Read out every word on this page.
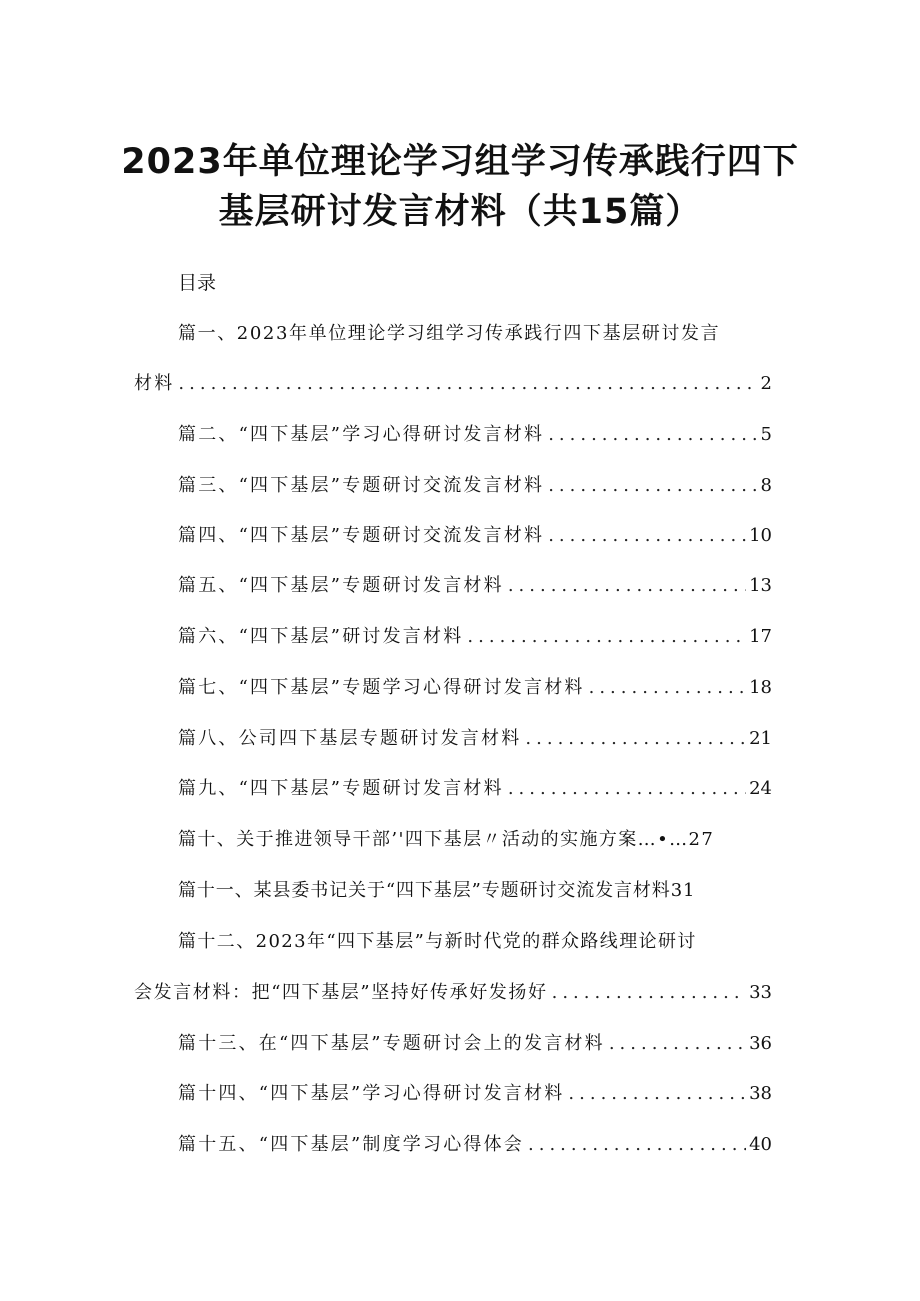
2023年单位理论学习组学习传承践行四下
基层研讨发言材料（共15篇）
目录
篇一、2023年单位理论学习组学习传承践行四下基层研讨发言
材料 .....	2
篇二、“四下基层”学习心得研讨发言材料 .....	5
篇三、“四下基层”专题研讨交流发言材料 .....	8
篇四、“四下基层”专题研讨交流发言材料 .....	10
篇五、“四下基层”专题研讨发言材料 .....	13
篇六、“四下基层”研讨发言材料 .....	17
篇七、“四下基层”专题学习心得研讨发言材料 .....	18
篇八、公司四下基层专题研讨发言材料 .....	21
篇九、“四下基层”专题研讨发言材料 .....	24
篇十、关于推进领导干部’'四下基层〃活动的实施方案…•…27
篇十一、某县委书记关于“四下基层”专题研讨交流发言材料31
篇十二、2023年“四下基层”与新时代党的群众路线理论研讨
会发言材料：把“四下基层”坚持好传承好发扬好 .....	33
篇十三、在“四下基层”专题研讨会上的发言材料 .....	36
篇十四、“四下基层”学习心得研讨发言材料 .....	38
篇十五、“四下基层”制度学习心得体会 .....	40
